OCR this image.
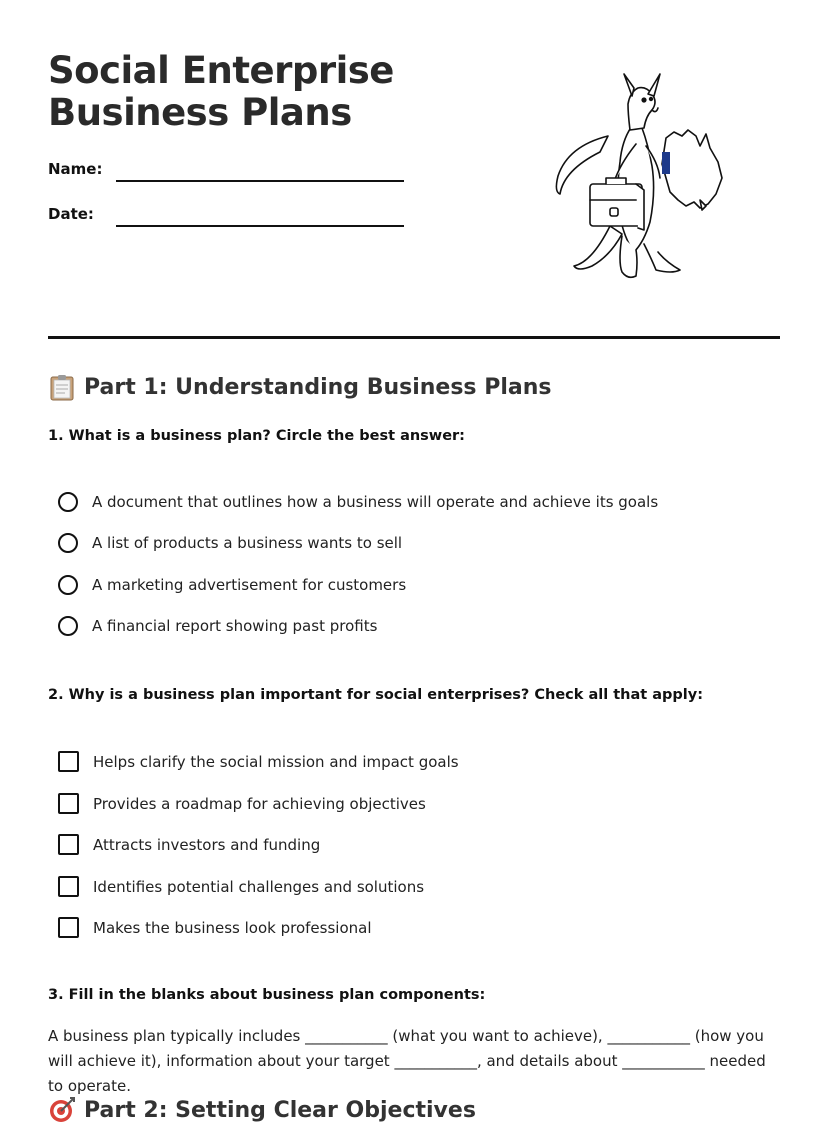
Social Enterprise
Business Plans
Name:
Date:
Part 1: Understanding Business Plans

1. What is a business plan? Circle the best answer:

A document that outlines how a business will operate and achieve its goals
A list of products a business wants to sell
A marketing advertisement for customers
A financial report showing past profits

2. Why is a business plan important for social enterprises? Check all that apply:

Helps clarify the social mission and impact goals
Provides a roadmap for achieving objectives
Attracts investors and funding
Identifies potential challenges and solutions
Makes the business look professional

3. Fill in the blanks about business plan components:

A business plan typically includes ___________ (what you want to achieve), ___________ (how you will achieve it), information about your target ___________, and details about ___________ needed to operate.

Part 2: Setting Clear Objectives
